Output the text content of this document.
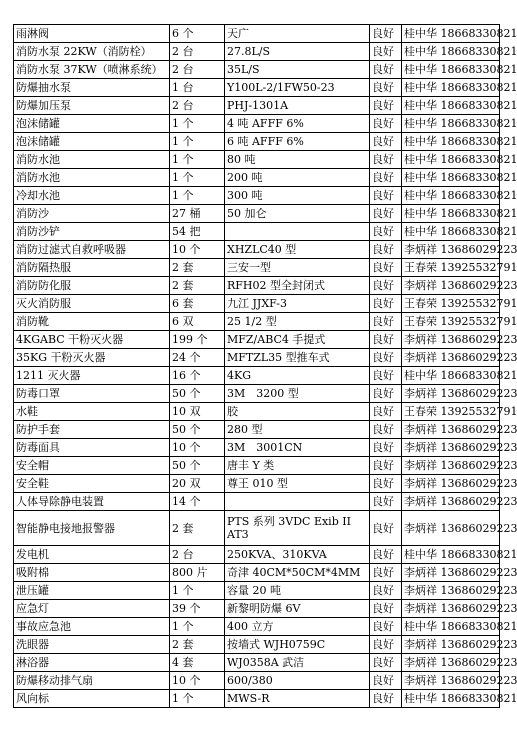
雨淋阀	6 个	天广	良好	桂中华 18668330821
消防水泵 22KW（消防栓）	2 台	27.8L/S	良好	桂中华 18668330821
消防水泵 37KW（喷淋系统）	2 台	35L/S	良好	桂中华 18668330821
防爆抽水泵	1 台	Y100L-2/1FW50-23	良好	桂中华 18668330821
防爆加压泵	2 台	PHJ-1301A	良好	桂中华 18668330821
泡沫储罐	1 个	4 吨 AFFF 6%	良好	桂中华 18668330821
泡沫储罐	1 个	6 吨 AFFF 6%	良好	桂中华 18668330821
消防水池	1 个	80 吨	良好	桂中华 18668330821
消防水池	1 个	200 吨	良好	桂中华 18668330821
冷却水池	1 个	300 吨	良好	桂中华 18668330821
消防沙	27 桶	50 加仑	良好	桂中华 18668330821
消防沙铲	54 把		良好	桂中华 18668330821
消防过滤式自救呼吸器	10 个	XHZLC40 型	良好	李炳祥 13686029223
消防隔热服	2 套	三安一型	良好	王春荣 13925532791
消防防化服	2 套	RFH02 型全封闭式	良好	李炳祥 13686029223
灭火消防服	6 套	九江 JJXF-3	良好	王春荣 13925532791
消防靴	6 双	25 1/2 型	良好	王春荣 13925532791
4KGABC 干粉灭火器	199 个	MFZ/ABC4 手提式	良好	李炳祥 13686029223
35KG 干粉灭火器	24 个	MFTZL35 型推车式	良好	李炳祥 13686029223
1211 灭火器	16 个	4KG	良好	桂中华 18668330821
防毒口罩	50 个	3M　3200 型	良好	李炳祥 13686029223
水鞋	10 双	胶	良好	王春荣 13925532791
防护手套	50 个	280 型	良好	李炳祥 13686029223
防毒面具	10 个	3M　3001CN	良好	李炳祥 13686029223
安全帽	50 个	唐丰 Y 类	良好	李炳祥 13686029223
安全鞋	20 双	尊王 010 型	良好	李炳祥 13686029223
人体导除静电装置	14 个		良好	李炳祥 13686029223
智能静电接地报警器	2 套	PTS 系列 3VDC Exib II AT3	良好	李炳祥 13686029223
发电机	2 台	250KVA、310KVA	良好	桂中华 18668330821
吸附棉	800 片	奇津 40CM*50CM*4MM	良好	李炳祥 13686029223
泄压罐	1 个	容量 20 吨	良好	李炳祥 13686029223
应急灯	39 个	新黎明防爆 6V	良好	李炳祥 13686029223
事故应急池	1 个	400 立方	良好	桂中华 18668330821
洗眼器	2 套	按墙式 WJH0759C	良好	李炳祥 13686029223
淋浴器	4 套	WJ0358A 武洁	良好	李炳祥 13686029223
防爆移动排气扇	10 个	600/380	良好	李炳祥 13686029223
风向标	1 个	MWS-R	良好	桂中华 18668330821
